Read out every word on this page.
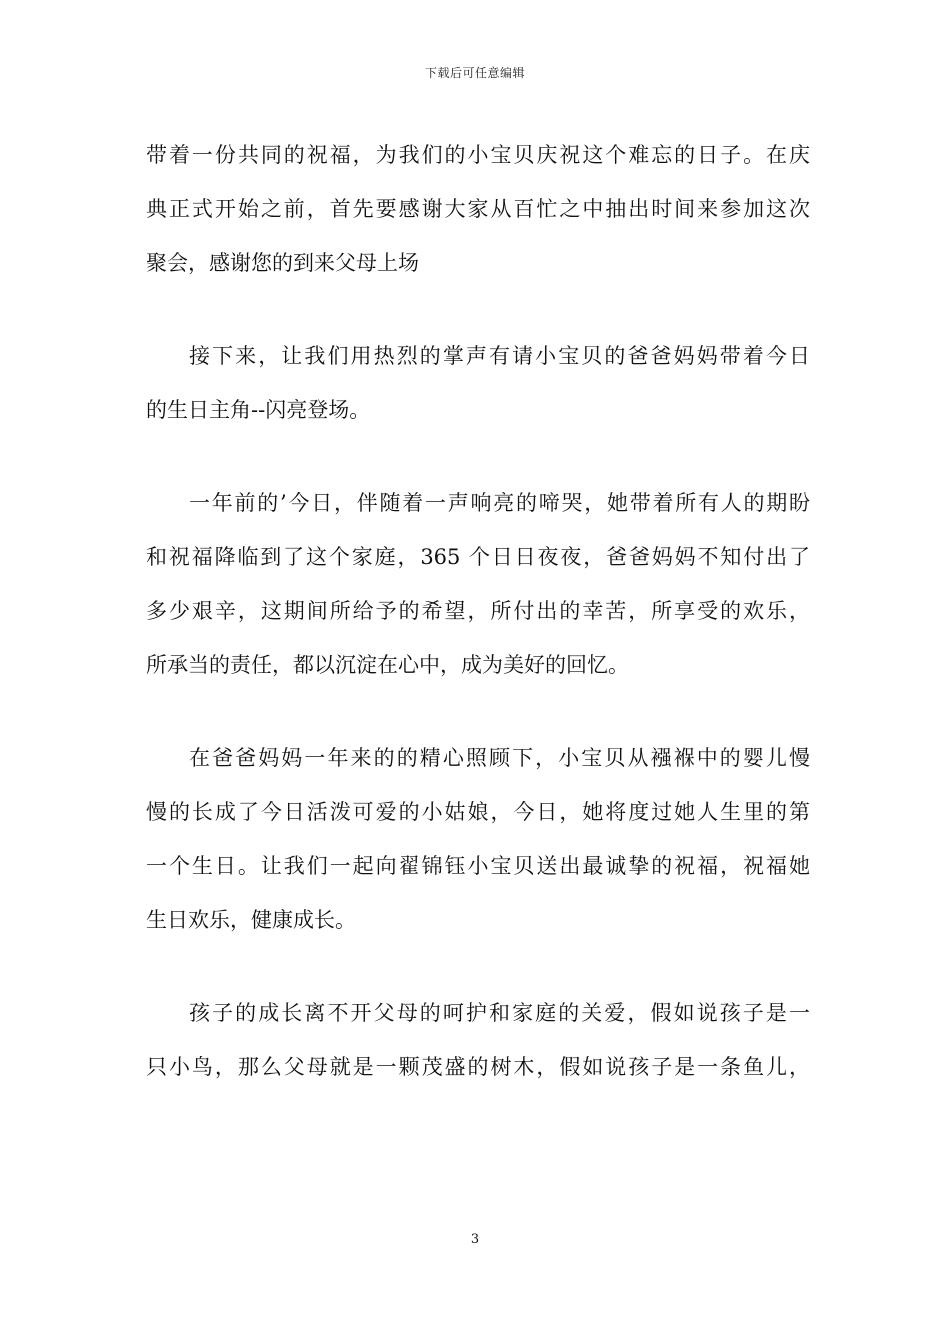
下载后可任意编辑
带着一份共同的祝福，为我们的小宝贝庆祝这个难忘的日子。在庆
典正式开始之前，首先要感谢大家从百忙之中抽出时间来参加这次
聚会，感谢您的到来父母上场
接下来，让我们用热烈的掌声有请小宝贝的爸爸妈妈带着今日
的生日主角--闪亮登场。
一年前的’今日，伴随着一声响亮的啼哭，她带着所有人的期盼
和祝福降临到了这个家庭，365 个日日夜夜，爸爸妈妈不知付出了
多少艰辛，这期间所给予的希望，所付出的幸苦，所享受的欢乐，
所承当的责任，都以沉淀在心中，成为美好的回忆。
在爸爸妈妈一年来的的精心照顾下，小宝贝从襁褓中的婴儿慢
慢的长成了今日活泼可爱的小姑娘，今日，她将度过她人生里的第
一个生日。让我们一起向翟锦钰小宝贝送出最诚挚的祝福，祝福她
生日欢乐，健康成长。
孩子的成长离不开父母的呵护和家庭的关爱，假如说孩子是一
只小鸟，那么父母就是一颗茂盛的树木，假如说孩子是一条鱼儿，
3
